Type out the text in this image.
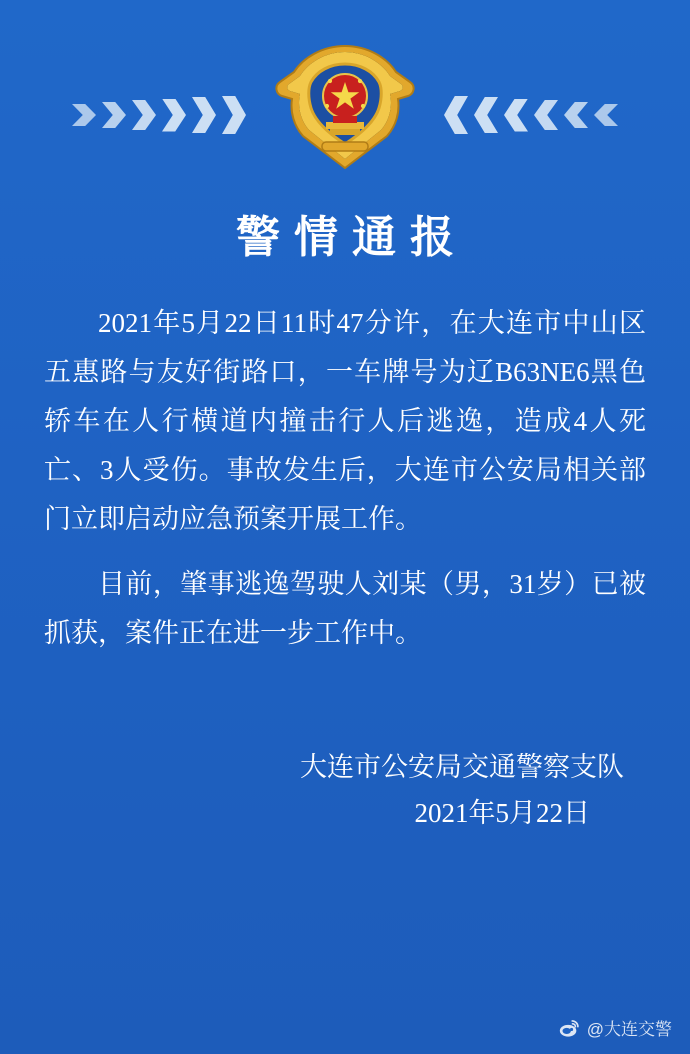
警情通报

2021年5月22日11时47分许，在大连市中山区五惠路与友好街路口，一车牌号为辽B63NE6黑色轿车在人行横道内撞击行人后逃逸，造成4人死亡、3人受伤。事故发生后，大连市公安局相关部门立即启动应急预案开展工作。

目前，肇事逃逸驾驶人刘某（男，31岁）已被抓获，案件正在进一步工作中。

大连市公安局交通警察支队
2021年5月22日
@大连交警
